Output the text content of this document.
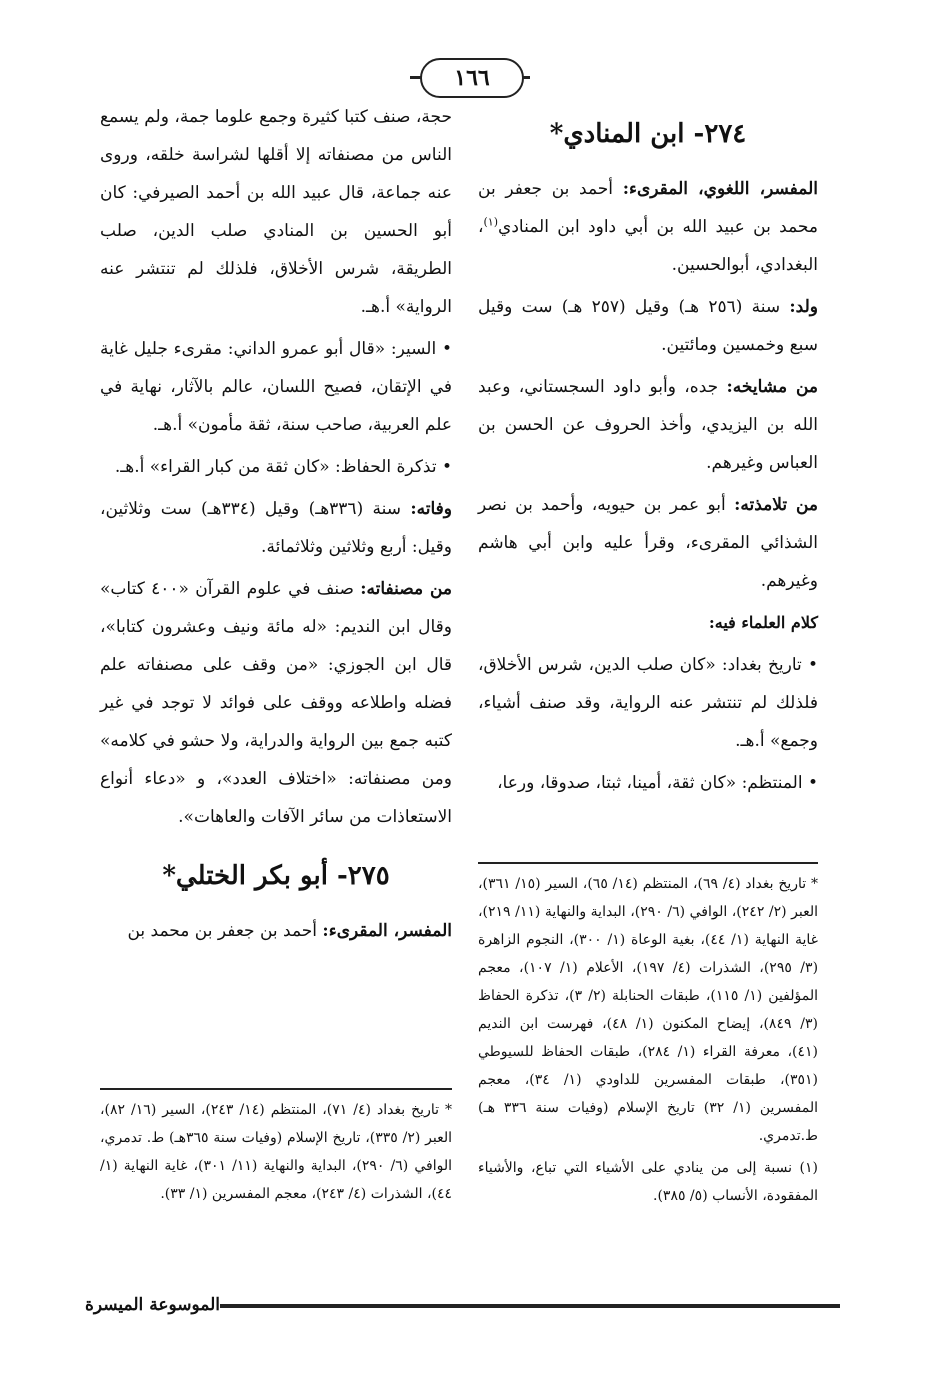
١٦٦
٢٧٤- ابن المنادي*

المفسر، اللغوي، المقرىء: أحمد بن جعفر بن محمد بن عبيد الله بن أبي داود ابن المنادي$^{(١)}$، البغدادي، أبوالحسين.

ولد: سنة (٢٥٦ هـ) وقيل (٢٥٧ هـ) ست وقيل سبع وخمسين ومائتين.

من مشايخه: جده، وأبو داود السجستاني، وعبد الله بن اليزيدي، وأخذ الحروف عن الحسن بن العباس وغيرهم.

من تلامذته: أبو عمر بن حيويه، وأحمد بن نصر الشذائي المقرىء، وقرأ عليه وابن أبي هاشم وغيرهم.

كلام العلماء فيه:

• تاريخ بغداد: «كان صلب الدين، شرس الأخلاق، فلذلك لم تنتشر عنه الرواية، وقد صنف أشياء، وجمع» أ.هـ.

• المنتظم: «كان ثقة، أمينا، ثبتا، صدوقا، ورعا،

* تاريخ بغداد (٤/ ٦٩)، المنتظم (١٤/ ٦٥)، السير (١٥/ ٣٦١)، العبر (٢/ ٢٤٢)، الوافي (٦/ ٢٩٠)، البداية والنهاية (١١/ ٢١٩)، غاية النهاية (١/ ٤٤)، بغية الوعاة (١/ ٣٠٠)، النجوم الزاهرة (٣/ ٢٩٥)، الشذرات (٤/ ١٩٧)، الأعلام (١/ ١٠٧)، معجم المؤلفين (١/ ١١٥)، طبقات الحنابلة (٢/ ٣)، تذكرة الحفاظ (٣/ ٨٤٩)، إيضاح المكنون (١/ ٤٨)، فهرست ابن النديم (٤١)، معرفة القراء (١/ ٢٨٤)، طبقات الحفاظ للسيوطي (٣٥١)، طبقات المفسرين للداودي (١/ ٣٤)، معجم المفسرين (١/ ٣٢) تاريخ الإسلام (وفيات سنة ٣٣٦ هـ) ط.تدمري.

(١) نسبة إلى من ينادي على الأشياء التي تباع، والأشياء المفقودة، الأنساب (٥/ ٣٨٥).

حجة، صنف كتبا كثيرة وجمع علوما جمة، ولم يسمع الناس من مصنفاته إلا أقلها لشراسة خلقه، وروى عنه جماعة، قال عبيد الله بن أحمد الصيرفي: كان أبو الحسين بن المنادي صلب الدين، صلب الطريقة، شرس الأخلاق، فلذلك لم تنتشر عنه الرواية» أ.هـ.

• السير: «قال أبو عمرو الداني: مقرىء جليل غاية في الإتقان، فصيح اللسان، عالم بالآثار، نهاية في علم العربية، صاحب سنة، ثقة مأمون» أ.هـ.

• تذكرة الحفاظ: «كان ثقة من كبار القراء» أ.هـ.

وفاته: سنة (٣٣٦هـ) وقيل (٣٣٤هـ) ست وثلاثين، وقيل: أربع وثلاثين وثلاثمائة.

من مصنفاته: صنف في علوم القرآن «٤٠٠ كتاب» وقال ابن النديم: «له مائة ونيف وعشرون كتابا»، قال ابن الجوزي: «من وقف على مصنفاته علم فضله واطلاعه ووقف على فوائد لا توجد في غير كتبه جمع بين الرواية والدراية، ولا حشو في كلامه» ومن مصنفاته: «اختلاف العدد»، و «دعاء أنواع الاستعاذات من سائر الآفات والعاهات».

٢٧٥- أبو بكر الختلي*

المفسر، المقرىء: أحمد بن جعفر بن محمد بن

* تاريخ بغداد (٤/ ٧١)، المنتظم (١٤/ ٢٤٣)، السير (١٦/ ٨٢)، العبر (٢/ ٣٣٥)، تاريخ الإسلام (وفيات سنة ٣٦٥هـ) ط. تدمري، الوافي (٦/ ٢٩٠)، البداية والنهاية (١١/ ٣٠١)، غاية النهاية (١/ ٤٤)، الشذرات (٤/ ٢٤٣)، معجم المفسرين (١/ ٣٣).

الموسوعة الميسرة
